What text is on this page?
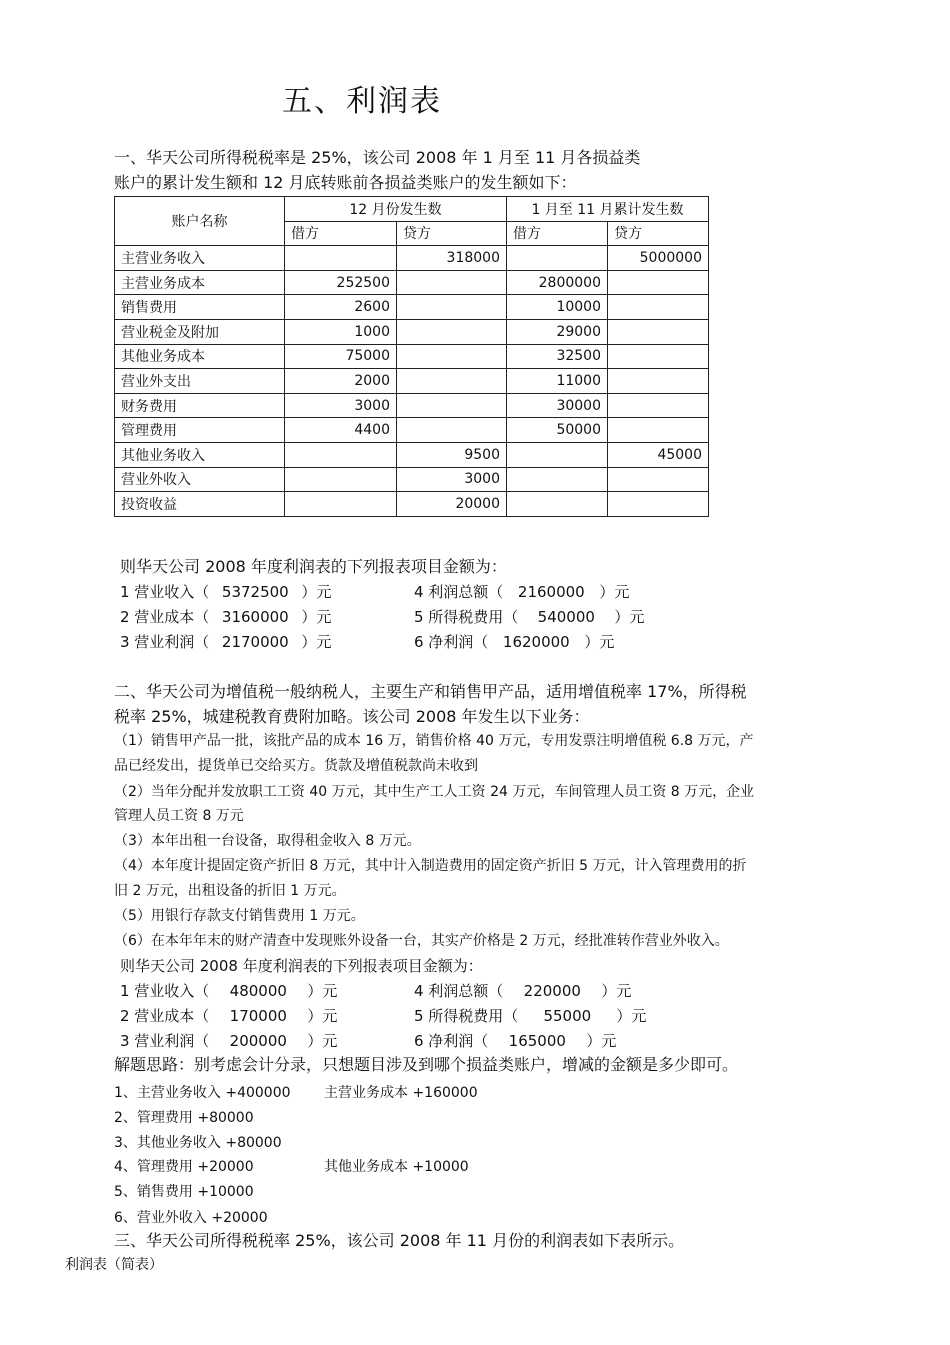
五、利润表
一、华天公司所得税税率是 25%，该公司 2008 年 1 月至 11 月各损益类
账户的累计发生额和 12 月底转账前各损益类账户的发生额如下：
账户名称	12 月份发生数		1 月至 11 月累计发生数	
	借方	贷方	借方	贷方
主营业务收入		318000		5000000
主营业务成本	252500		2800000	
销售费用	2600		10000	
营业税金及附加	1000		29000	
其他业务成本	75000		32500	
营业外支出	2000		11000	
财务费用	3000		30000	
管理费用	4400		50000	
其他业务收入		9500		45000
营业外收入		3000		
投资收益		20000		
则华天公司 2008 年度利润表的下列报表项目金额为：
1 营业收入（ 5372500 ）元
2 营业成本（ 3160000 ）元
3 营业利润（ 2170000 ）元
4 利润总额（ 2160000 ）元
5 所得税费用（ 540000 ）元
6 净利润（ 1620000 ）元
二、华天公司为增值税一般纳税人，主要生产和销售甲产品，适用增值税率 17%，所得税
税率 25%，城建税教育费附加略。该公司 2008 年发生以下业务：
（1）销售甲产品一批，该批产品的成本 16 万，销售价格 40 万元，专用发票注明增值税 6.8 万元，产
品已经发出，提货单已交给买方。货款及增值税款尚未收到
（2）当年分配并发放职工工资 40 万元，其中生产工人工资 24 万元，车间管理人员工资 8 万元，企业
管理人员工资 8 万元
（3）本年出租一台设备，取得租金收入 8 万元。
（4）本年度计提固定资产折旧 8 万元，其中计入制造费用的固定资产折旧 5 万元，计入管理费用的折
旧 2 万元，出租设备的折旧 1 万元。
（5）用银行存款支付销售费用 1 万元。
（6）在本年年末的财产清查中发现账外设备一台，其实产价格是 2 万元，经批准转作营业外收入。
则华天公司 2008 年度利润表的下列报表项目金额为：
1 营业收入（ 480000 ）元
2 营业成本（ 170000 ）元
3 营业利润（ 200000 ）元
4 利润总额（ 220000 ）元
5 所得税费用（ 55000 ）元
6 净利润（ 165000 ）元
解题思路：别考虑会计分录，只想题目涉及到哪个损益类账户，增减的金额是多少即可。
1、主营业务收入 +400000 主营业务成本 +160000
2、管理费用 +80000
3、其他业务收入 +80000
4、管理费用 +20000	其他业务成本 +10000
5、销售费用 +10000
6、营业外收入 +20000
三、华天公司所得税税率 25%，该公司 2008 年 11 月份的利润表如下表所示。
利润表（简表）
